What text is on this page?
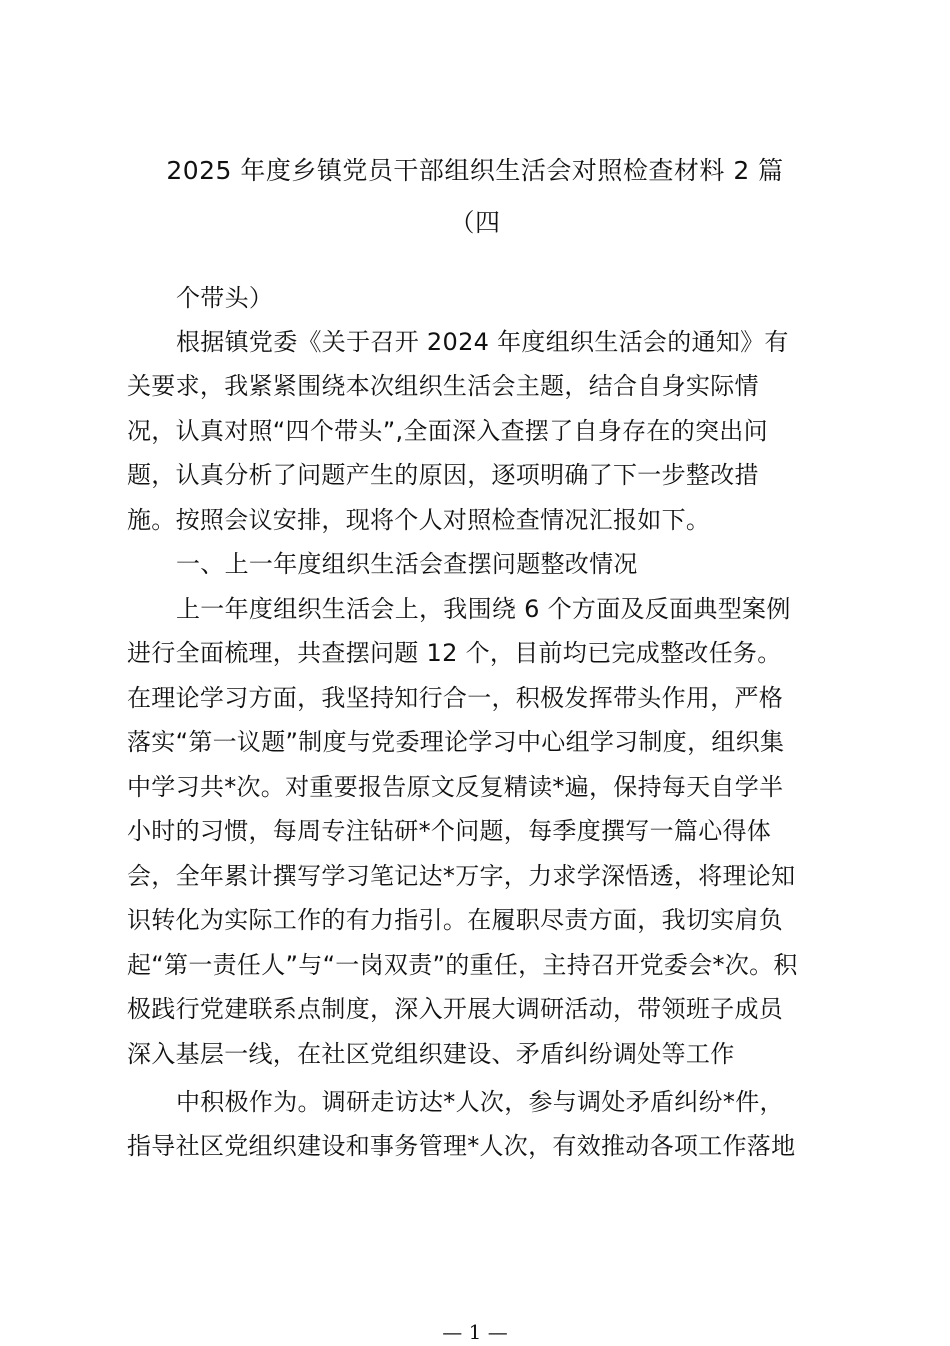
2025 年度乡镇党员干部组织生活会对照检查材料 2 篇
（四
个带头）
根据镇党委《关于召开 2024 年度组织生活会的通知》有
关要求，我紧紧围绕本次组织生活会主题，结合自身实际情
况，认真对照“四个带头”,全面深入查摆了自身存在的突出问
题，认真分析了问题产生的原因，逐项明确了下一步整改措
施。按照会议安排，现将个人对照检查情况汇报如下。
一、上一年度组织生活会查摆问题整改情况
上一年度组织生活会上，我围绕 6 个方面及反面典型案例
进行全面梳理，共查摆问题 12 个，目前均已完成整改任务。
在理论学习方面，我坚持知行合一，积极发挥带头作用，严格
落实“第一议题”制度与党委理论学习中心组学习制度，组织集
中学习共*次。对重要报告原文反复精读*遍，保持每天自学半
小时的习惯，每周专注钻研*个问题，每季度撰写一篇心得体
会，全年累计撰写学习笔记达*万字，力求学深悟透，将理论知
识转化为实际工作的有力指引。在履职尽责方面，我切实肩负
起“第一责任人”与“一岗双责”的重任，主持召开党委会*次。积
极践行党建联系点制度，深入开展大调研活动，带领班子成员
深入基层一线，在社区党组织建设、矛盾纠纷调处等工作
中积极作为。调研走访达*人次，参与调处矛盾纠纷*件，
指导社区党组织建设和事务管理*人次，有效推动各项工作落地
— 1 —
